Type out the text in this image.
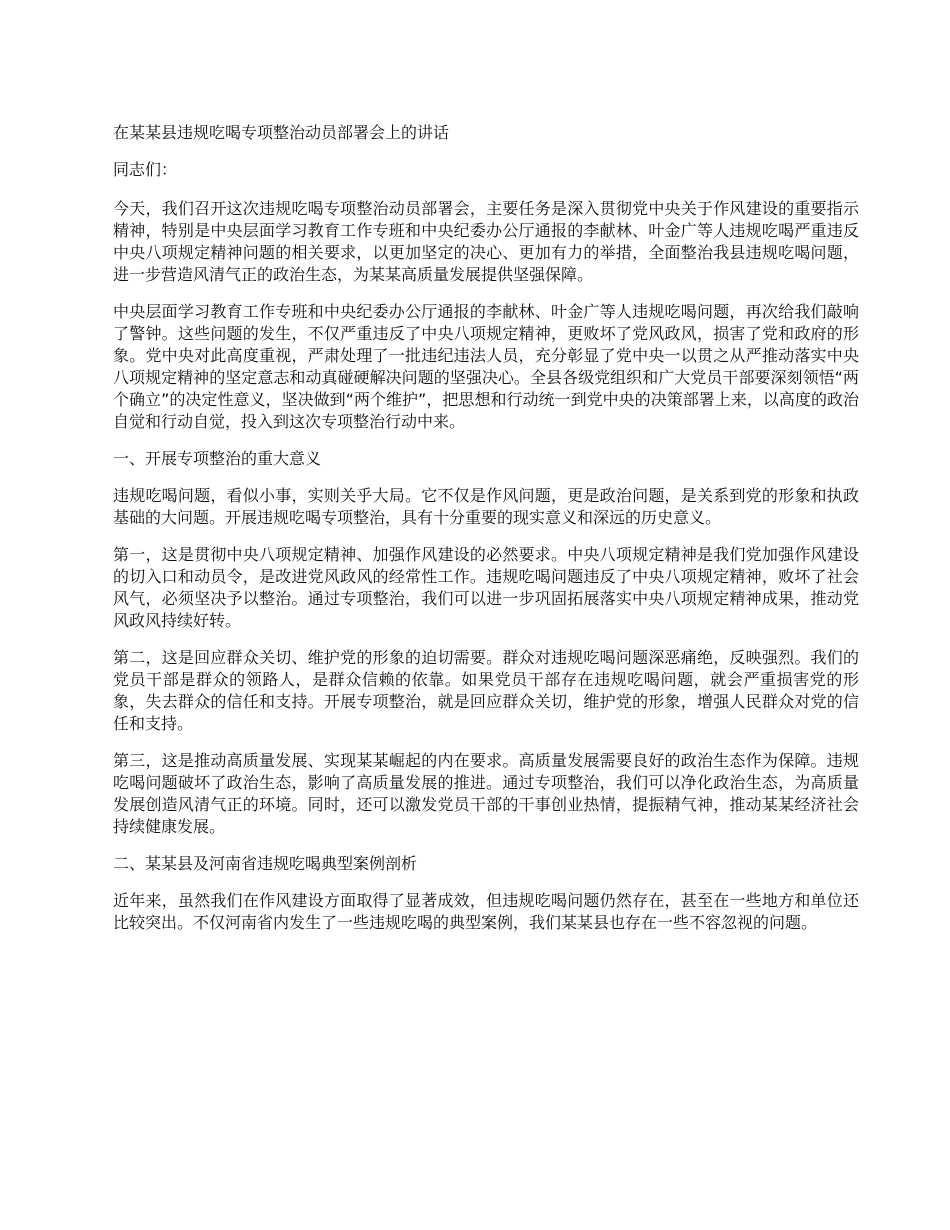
在某某县违规吃喝专项整治动员部署会上的讲话

同志们：

今天，我们召开这次违规吃喝专项整治动员部署会，主要任务是深入贯彻党中央关于作风建设的重要指示精神，特别是中央层面学习教育工作专班和中央纪委办公厅通报的李献林、叶金广等人违规吃喝严重违反中央八项规定精神问题的相关要求，以更加坚定的决心、更加有力的举措，全面整治我县违规吃喝问题，进一步营造风清气正的政治生态，为某某高质量发展提供坚强保障。

中央层面学习教育工作专班和中央纪委办公厅通报的李献林、叶金广等人违规吃喝问题，再次给我们敲响了警钟。这些问题的发生，不仅严重违反了中央八项规定精神，更败坏了党风政风，损害了党和政府的形象。党中央对此高度重视，严肃处理了一批违纪违法人员，充分彰显了党中央一以贯之从严推动落实中央八项规定精神的坚定意志和动真碰硬解决问题的坚强决心。全县各级党组织和广大党员干部要深刻领悟“两个确立”的决定性意义，坚决做到“两个维护”，把思想和行动统一到党中央的决策部署上来，以高度的政治自觉和行动自觉，投入到这次专项整治行动中来。

一、开展专项整治的重大意义

违规吃喝问题，看似小事，实则关乎大局。它不仅是作风问题，更是政治问题，是关系到党的形象和执政基础的大问题。开展违规吃喝专项整治，具有十分重要的现实意义和深远的历史意义。

第一，这是贯彻中央八项规定精神、加强作风建设的必然要求。中央八项规定精神是我们党加强作风建设的切入口和动员令，是改进党风政风的经常性工作。违规吃喝问题违反了中央八项规定精神，败坏了社会风气，必须坚决予以整治。通过专项整治，我们可以进一步巩固拓展落实中央八项规定精神成果，推动党风政风持续好转。

第二，这是回应群众关切、维护党的形象的迫切需要。群众对违规吃喝问题深恶痛绝，反映强烈。我们的党员干部是群众的领路人，是群众信赖的依靠。如果党员干部存在违规吃喝问题，就会严重损害党的形象，失去群众的信任和支持。开展专项整治，就是回应群众关切，维护党的形象，增强人民群众对党的信任和支持。

第三，这是推动高质量发展、实现某某崛起的内在要求。高质量发展需要良好的政治生态作为保障。违规吃喝问题破坏了政治生态，影响了高质量发展的推进。通过专项整治，我们可以净化政治生态，为高质量发展创造风清气正的环境。同时，还可以激发党员干部的干事创业热情，提振精气神，推动某某经济社会持续健康发展。

二、某某县及河南省违规吃喝典型案例剖析

近年来，虽然我们在作风建设方面取得了显著成效，但违规吃喝问题仍然存在，甚至在一些地方和单位还比较突出。不仅河南省内发生了一些违规吃喝的典型案例，我们某某县也存在一些不容忽视的问题。
